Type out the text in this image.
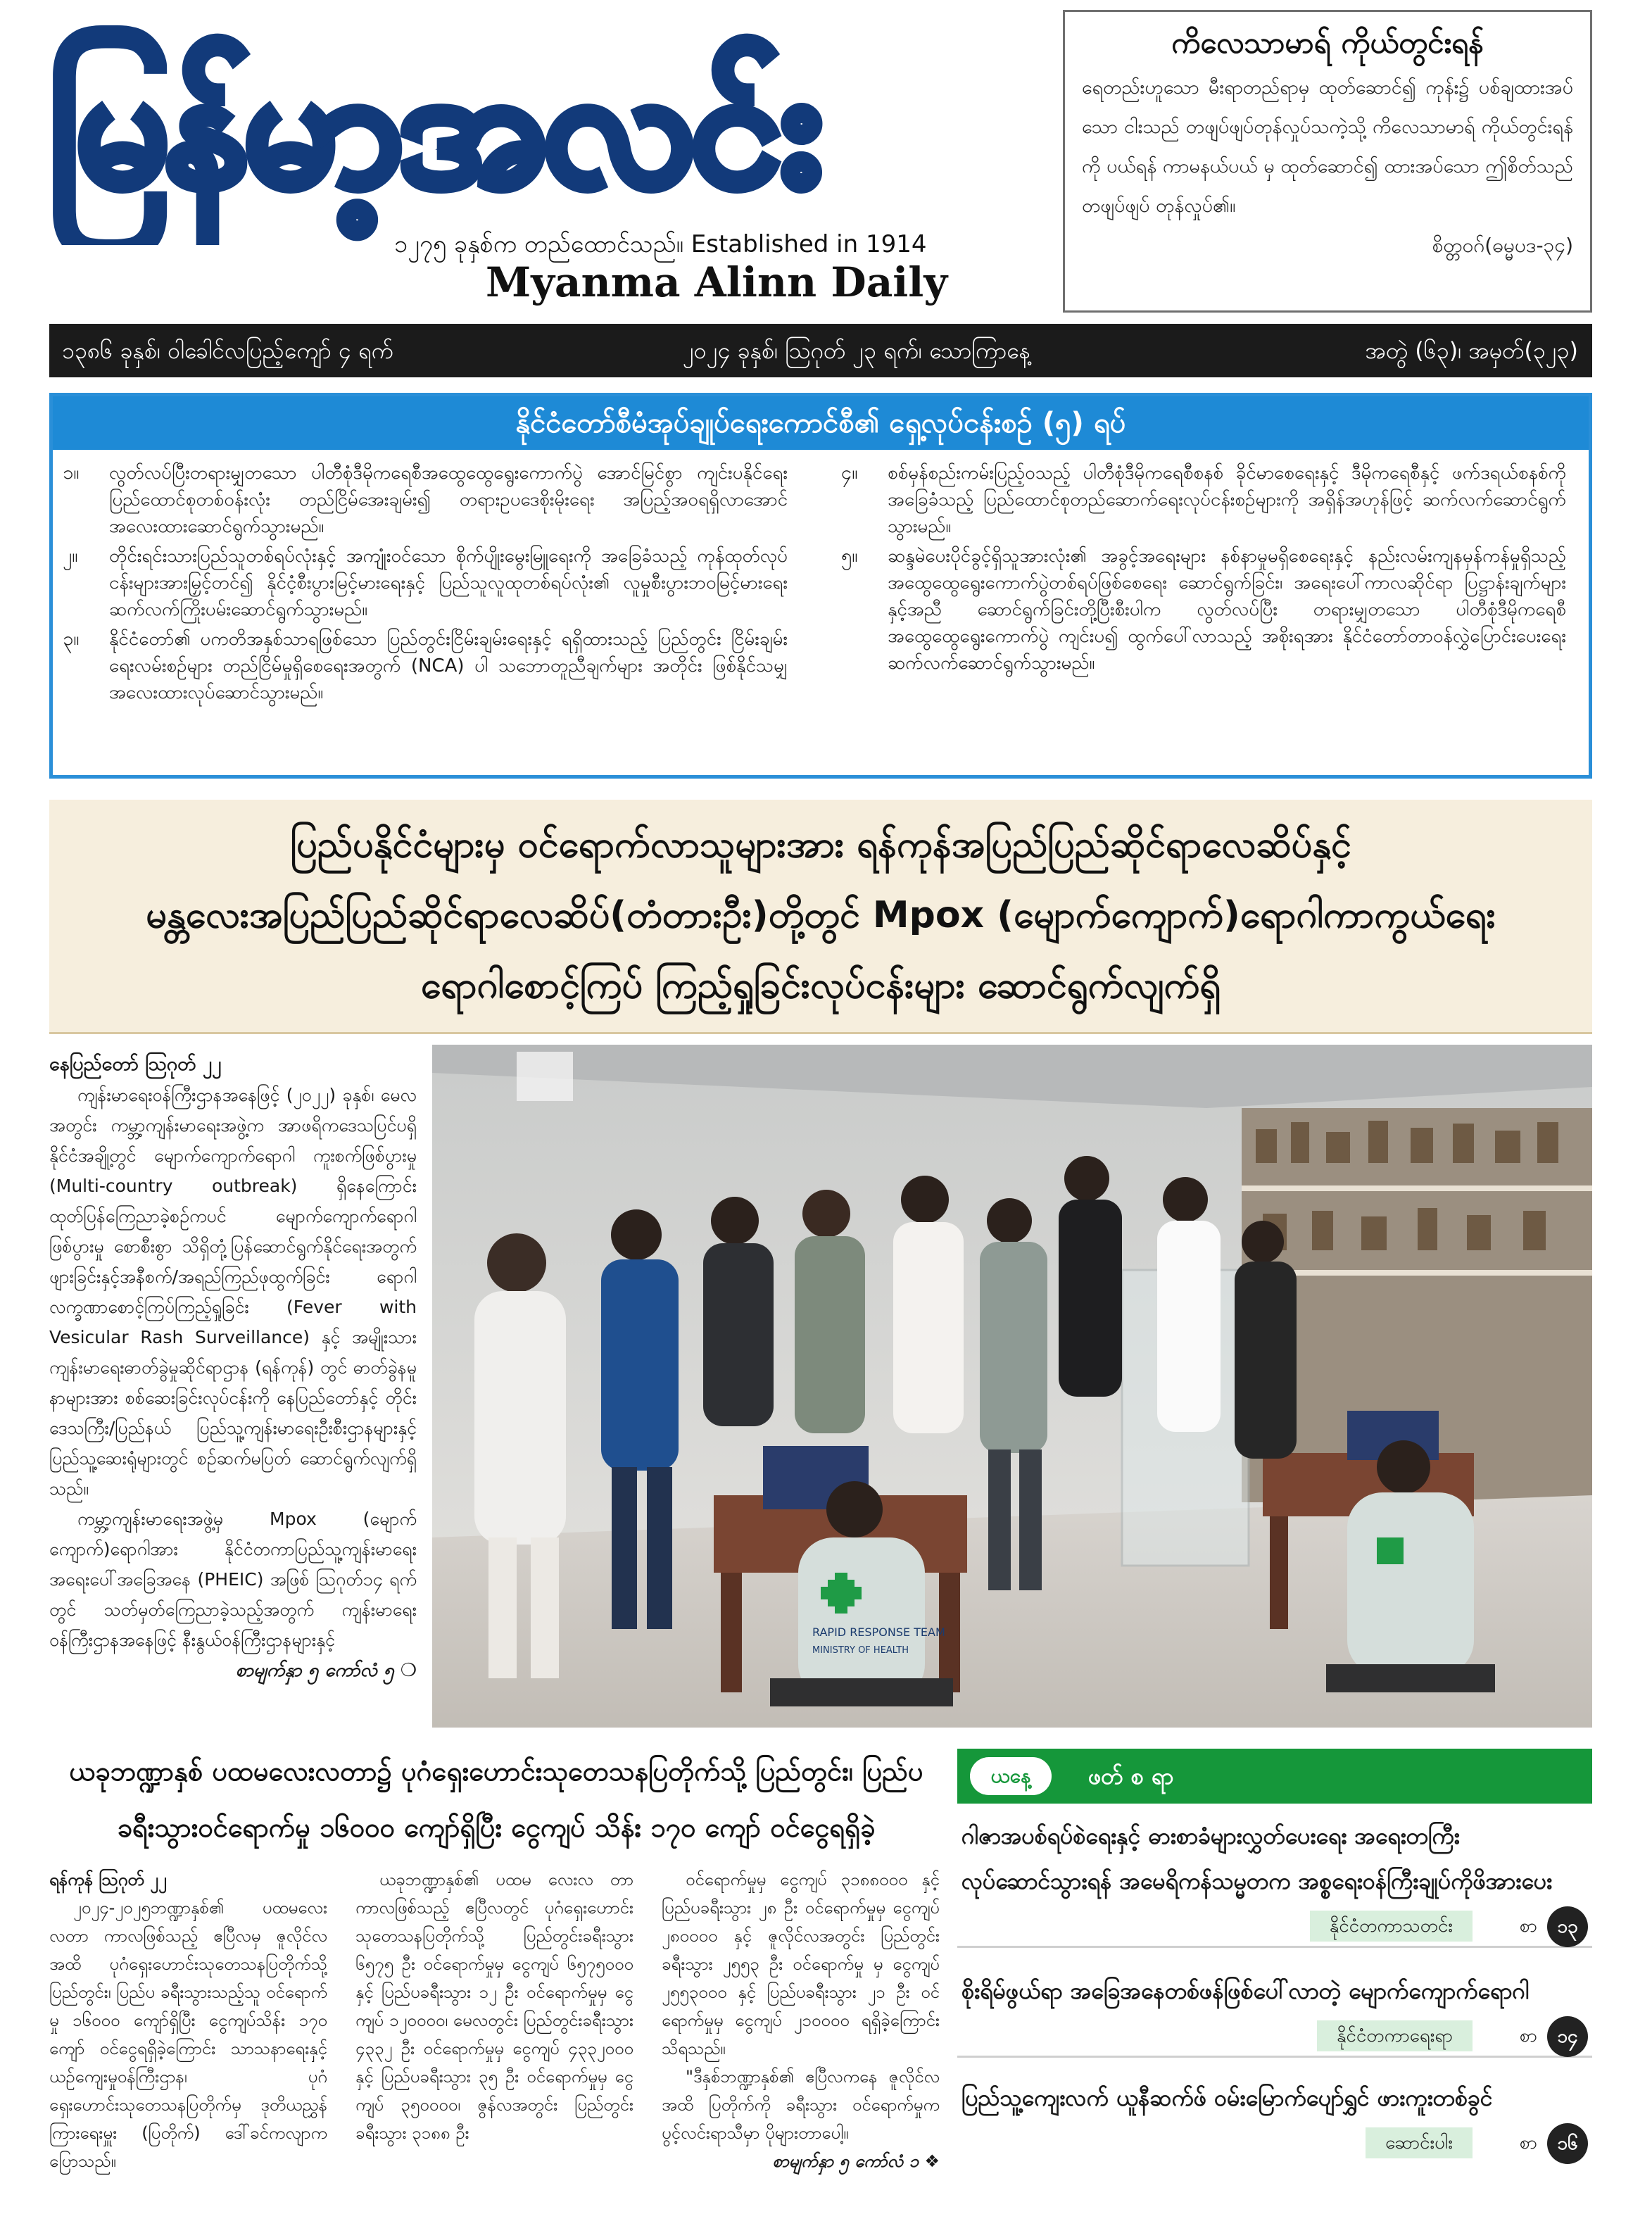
မြန်မာ့အလင်း
၁၂၇၅ ခုနှစ်က တည်ထောင်သည်။ Established in 1914
Myanma Alinn Daily
ကိလေသာမာရ် ကိုယ်တွင်းရန်
ရေတည်းဟူသော မီးရာတည်ရာမှ ထုတ်ဆောင်၍ ကုန်း၌ ပစ်ချထားအပ်သော ငါးသည် တဖျပ်ဖျပ်တုန်လှုပ်သကဲ့သို့ ကိလေသာမာရ် ကိုယ်တွင်းရန်ကို ပယ်ရန် ကာမနယ်ပယ် မှ ထုတ်ဆောင်၍ ထားအပ်သော ဤစိတ်သည် တဖျပ်ဖျပ် တုန်လှုပ်၏။
စိတ္တဝဂ်(ဓမ္မပဒ-၃၄)
၁၃၈၆ ခုနှစ်၊ ဝါခေါင်လပြည့်ကျော် ၄ ရက်	၂၀၂၄ ခုနှစ်၊ ဩဂုတ် ၂၃ ရက်၊ သောကြာနေ့	အတွဲ (၆၃)၊ အမှတ်(၃၂၃)
နိုင်ငံတော်စီမံအုပ်ချုပ်ရေးကောင်စီ၏ ရှေ့လုပ်ငန်းစဉ် (၅) ရပ်
၁။	လွတ်လပ်ပြီးတရားမျှတသော ပါတီစုံဒီမိုကရေစီအထွေထွေရွေးကောက်ပွဲ အောင်မြင်စွာ ကျင်းပနိုင်ရေး ပြည်ထောင်စုတစ်ဝန်းလုံး တည်ငြိမ်အေးချမ်း၍ တရားဥပဒေစိုးမိုးရေး အပြည့်အဝရရှိလာအောင် အလေးထားဆောင်ရွက်သွားမည်။
၂။	တိုင်းရင်းသားပြည်သူတစ်ရပ်လုံးနှင့် အကျုံးဝင်သော စိုက်ပျိုးမွေးမြူရေးကို အခြေခံသည့် ကုန်ထုတ်လုပ်ငန်းများအားမြှင့်တင်၍ နိုင်ငံ့စီးပွားမြင့်မားရေးနှင့် ပြည်သူလူထုတစ်ရပ်လုံး၏ လူမှုစီးပွားဘဝမြင့်မားရေး ဆက်လက်ကြိုးပမ်းဆောင်ရွက်သွားမည်။
၃။	နိုင်ငံတော်၏ ပကတိအနှစ်သာရဖြစ်သော ပြည်တွင်းငြိမ်းချမ်းရေးနှင့် ရရှိထားသည့် ပြည်တွင်း ငြိမ်းချမ်းရေးလမ်းစဉ်များ တည်ငြိမ်မှုရှိစေရေးအတွက် (NCA) ပါ သဘောတူညီချက်များ အတိုင်း ဖြစ်နိုင်သမျှ အလေးထားလုပ်ဆောင်သွားမည်။
၄။	စစ်မှန်စည်းကမ်းပြည့်ဝသည့် ပါတီစုံဒီမိုကရေစီစနစ် ခိုင်မာစေရေးနှင့် ဒီမိုကရေစီနှင့် ဖက်ဒရယ်စနစ်ကိုအခြေခံသည့် ပြည်ထောင်စုတည်ဆောက်ရေးလုပ်ငန်းစဉ်များကို အရှိန်အဟုန်ဖြင့် ဆက်လက်ဆောင်ရွက်သွားမည်။
၅။	ဆန္ဒမဲပေးပိုင်ခွင့်ရှိသူအားလုံး၏ အခွင့်အရေးများ နစ်နာမှုမရှိစေရေးနှင့် နည်းလမ်းကျနမှန်ကန်မှုရှိသည့် အထွေထွေရွေးကောက်ပွဲတစ်ရပ်ဖြစ်စေရေး ဆောင်ရွက်ခြင်း၊ အရေးပေါ်ကာလဆိုင်ရာ ပြဋ္ဌာန်းချက်များနှင့်အညီ ဆောင်ရွက်ခြင်းတို့ပြီးစီးပါက လွတ်လပ်ပြီး တရားမျှတသော ပါတီစုံဒီမိုကရေစီအထွေထွေရွေးကောက်ပွဲ ကျင်းပ၍ ထွက်ပေါ်လာသည့် အစိုးရအား နိုင်ငံတော်တာဝန်လွှဲပြောင်းပေးရေး ဆက်လက်ဆောင်ရွက်သွားမည်။
ပြည်ပနိုင်ငံများမှ ဝင်ရောက်လာသူများအား ရန်ကုန်အပြည်ပြည်ဆိုင်ရာလေဆိပ်နှင့်
မန္တလေးအပြည်ပြည်ဆိုင်ရာလေဆိပ်(တံတားဦး)တို့တွင် Mpox (မျောက်ကျောက်)ရောဂါကာကွယ်ရေး
ရောဂါစောင့်ကြပ် ကြည့်ရှုခြင်းလုပ်ငန်းများ ဆောင်ရွက်လျက်ရှိ
နေပြည်တော် ဩဂုတ် ၂၂

ကျန်းမာရေးဝန်ကြီးဌာနအနေဖြင့် (၂၀၂၂) ခုနှစ်၊ မေလအတွင်း ကမ္ဘာ့ကျန်းမာရေးအဖွဲ့က အာဖရိကဒေသပြင်ပရှိ နိုင်ငံအချို့တွင် မျောက်ကျောက်ရောဂါ ကူးစက်ဖြစ်ပွားမှု (Multi-country outbreak) ရှိနေကြောင်း ထုတ်ပြန်ကြေညာခဲ့စဉ်ကပင် မျောက်ကျောက်ရောဂါဖြစ်ပွားမှု စောစီးစွာ သိရှိတုံ့ပြန်ဆောင်ရွက်နိုင်ရေးအတွက် ဖျားခြင်းနှင့်အနီစက်/အရည်ကြည်ဖုထွက်ခြင်း ရောဂါလက္ခဏာစောင့်ကြပ်ကြည့်ရှုခြင်း (Fever with Vesicular Rash Surveillance) နှင့် အမျိုးသားကျန်းမာရေးဓာတ်ခွဲမှုဆိုင်ရာဌာန (ရန်ကုန်) တွင် ဓာတ်ခွဲနမူနာများအား စစ်ဆေးခြင်းလုပ်ငန်းကို နေပြည်တော်နှင့် တိုင်းဒေသကြီး/ပြည်နယ် ပြည်သူ့ကျန်းမာရေးဦးစီးဌာနများနှင့် ပြည်သူ့ဆေးရုံများတွင် စဉ်ဆက်မပြတ် ဆောင်ရွက်လျက်ရှိသည်။

ကမ္ဘာ့ကျန်းမာရေးအဖွဲ့မှ Mpox (မျောက်ကျောက်)ရောဂါအား နိုင်ငံတကာပြည်သူ့ကျန်းမာရေး အရေးပေါ်အခြေအနေ (PHEIC) အဖြစ် ဩဂုတ်၁၄ ရက်တွင် သတ်မှတ်ကြေညာခဲ့သည့်အတွက် ကျန်းမာရေးဝန်ကြီးဌာနအနေဖြင့် နီးနွယ်ဝန်ကြီးဌာနများနှင့်

စာမျက်နှာ ၅ ကော်လံ ၅ ❍
RAPID RESPONSE TEAM
MINISTRY OF HEALTH
ယခုဘဏ္ဍာနှစ် ပထမလေးလတာ၌ ပုဂံရှေးဟောင်းသုတေသနပြတိုက်သို့ ပြည်တွင်း၊ ပြည်ပ
ခရီးသွားဝင်ရောက်မှု ၁၆၀၀၀ ကျော်ရှိပြီး ငွေကျပ် သိန်း ၁၇၀ ကျော် ဝင်ငွေရရှိခဲ့

ရန်ကုန် ဩဂုတ် ၂၂

၂၀၂၄-၂၀၂၅ဘဏ္ဍာနှစ်၏ ပထမလေးလတာ ကာလဖြစ်သည့် ဧပြီလမှ ဇူလိုင်လအထိ ပုဂံရှေးဟောင်းသုတေသနပြတိုက်သို့ ပြည်တွင်း၊ ပြည်ပ ခရီးသွားသည့်သူ ဝင်ရောက်မှု ၁၆၀၀၀ ကျော်ရှိပြီး ငွေကျပ်သိန်း ၁၇၀ ကျော် ဝင်ငွေရရှိခဲ့ကြောင်း သာသနာရေးနှင့် ယဉ်ကျေးမှုဝန်ကြီးဌာန၊ ပုဂံရှေးဟောင်းသုတေသနပြတိုက်မှ ဒုတိယညွှန်ကြားရေးမှူး (ပြတိုက်) ဒေါ်ခင်ကလျာက ပြောသည်။

ယခုဘဏ္ဍာနှစ်၏ ပထမ လေးလ တာကာလဖြစ်သည့် ဧပြီလတွင် ပုဂံရှေးဟောင်း သုတေသနပြတိုက်သို့ ပြည်တွင်းခရီးသွား ၆၅၇၅ ဦး ဝင်ရောက်မှုမှ ငွေကျပ် ၆၅၇၅၀၀၀ နှင့် ပြည်ပခရီးသွား ၁၂ ဦး ဝင်ရောက်မှုမှ ငွေကျပ် ၁၂၀၀၀၀၊ မေလတွင်း ပြည်တွင်းခရီးသွား ၄၃၃၂ ဦး ဝင်ရောက်မှုမှ ငွေကျပ် ၄၃၃၂၀၀၀ နှင့် ပြည်ပခရီးသွား ၃၅ ဦး ဝင်ရောက်မှုမှ ငွေကျပ် ၃၅၀၀၀၀၊ ဇွန်လအတွင်း ပြည်တွင်းခရီးသွား ၃၁၈၈ ဦး

ဝင်ရောက်မှုမှ ငွေကျပ် ၃၁၈၈၀၀၀ နှင့် ပြည်ပခရီးသွား ၂၈ ဦး ဝင်ရောက်မှုမှ ငွေကျပ် ၂၈၀၀၀၀ နှင့် ဇူလိုင်လအတွင်း ပြည်တွင်းခရီးသွား ၂၅၅၃ ဦး ဝင်ရောက်မှု မှ ငွေကျပ် ၂၅၅၃၀၀၀ နှင့် ပြည်ပခရီးသွား ၂၁ ဦး ဝင်ရောက်မှုမှ ငွေကျပ် ၂၁၀၀၀၀ ရရှိခဲ့ကြောင်း သိရသည်။

"ဒီနှစ်ဘဏ္ဍာနှစ်၏ ဧပြီလကနေ ဇူလိုင်လအထိ ပြတိုက်ကို ခရီးသွား ဝင်ရောက်မှုက ပွင့်လင်းရာသီမှာ ပိုများတာပေါ့။

စာမျက်နှာ ၅ ကော်လံ ၁ ❖

ယနေ့	ဖတ် စ ရာ
ဂါဇာအပစ်ရပ်စဲရေးနှင့် ဓားစာခံများလွှတ်ပေးရေး အရေးတကြီး
လုပ်ဆောင်သွားရန် အမေရိကန်သမ္မတက အစ္စရေးဝန်ကြီးချုပ်ကိုဖိအားပေး
နိုင်ငံတကာသတင်း	စာ	၁၃
စိုးရိမ်ဖွယ်ရာ အခြေအနေတစ်ဖန်ဖြစ်ပေါ်လာတဲ့ မျောက်ကျောက်ရောဂါ
နိုင်ငံတကာရေးရာ	စာ	၁၄
ပြည်သူ့ကျေးလက် ယူနီဆက်ဖ် ဝမ်းမြောက်ပျော်ရွှင် ဖားကူးတစ်ခွင်
ဆောင်းပါး	စာ	၁၆
